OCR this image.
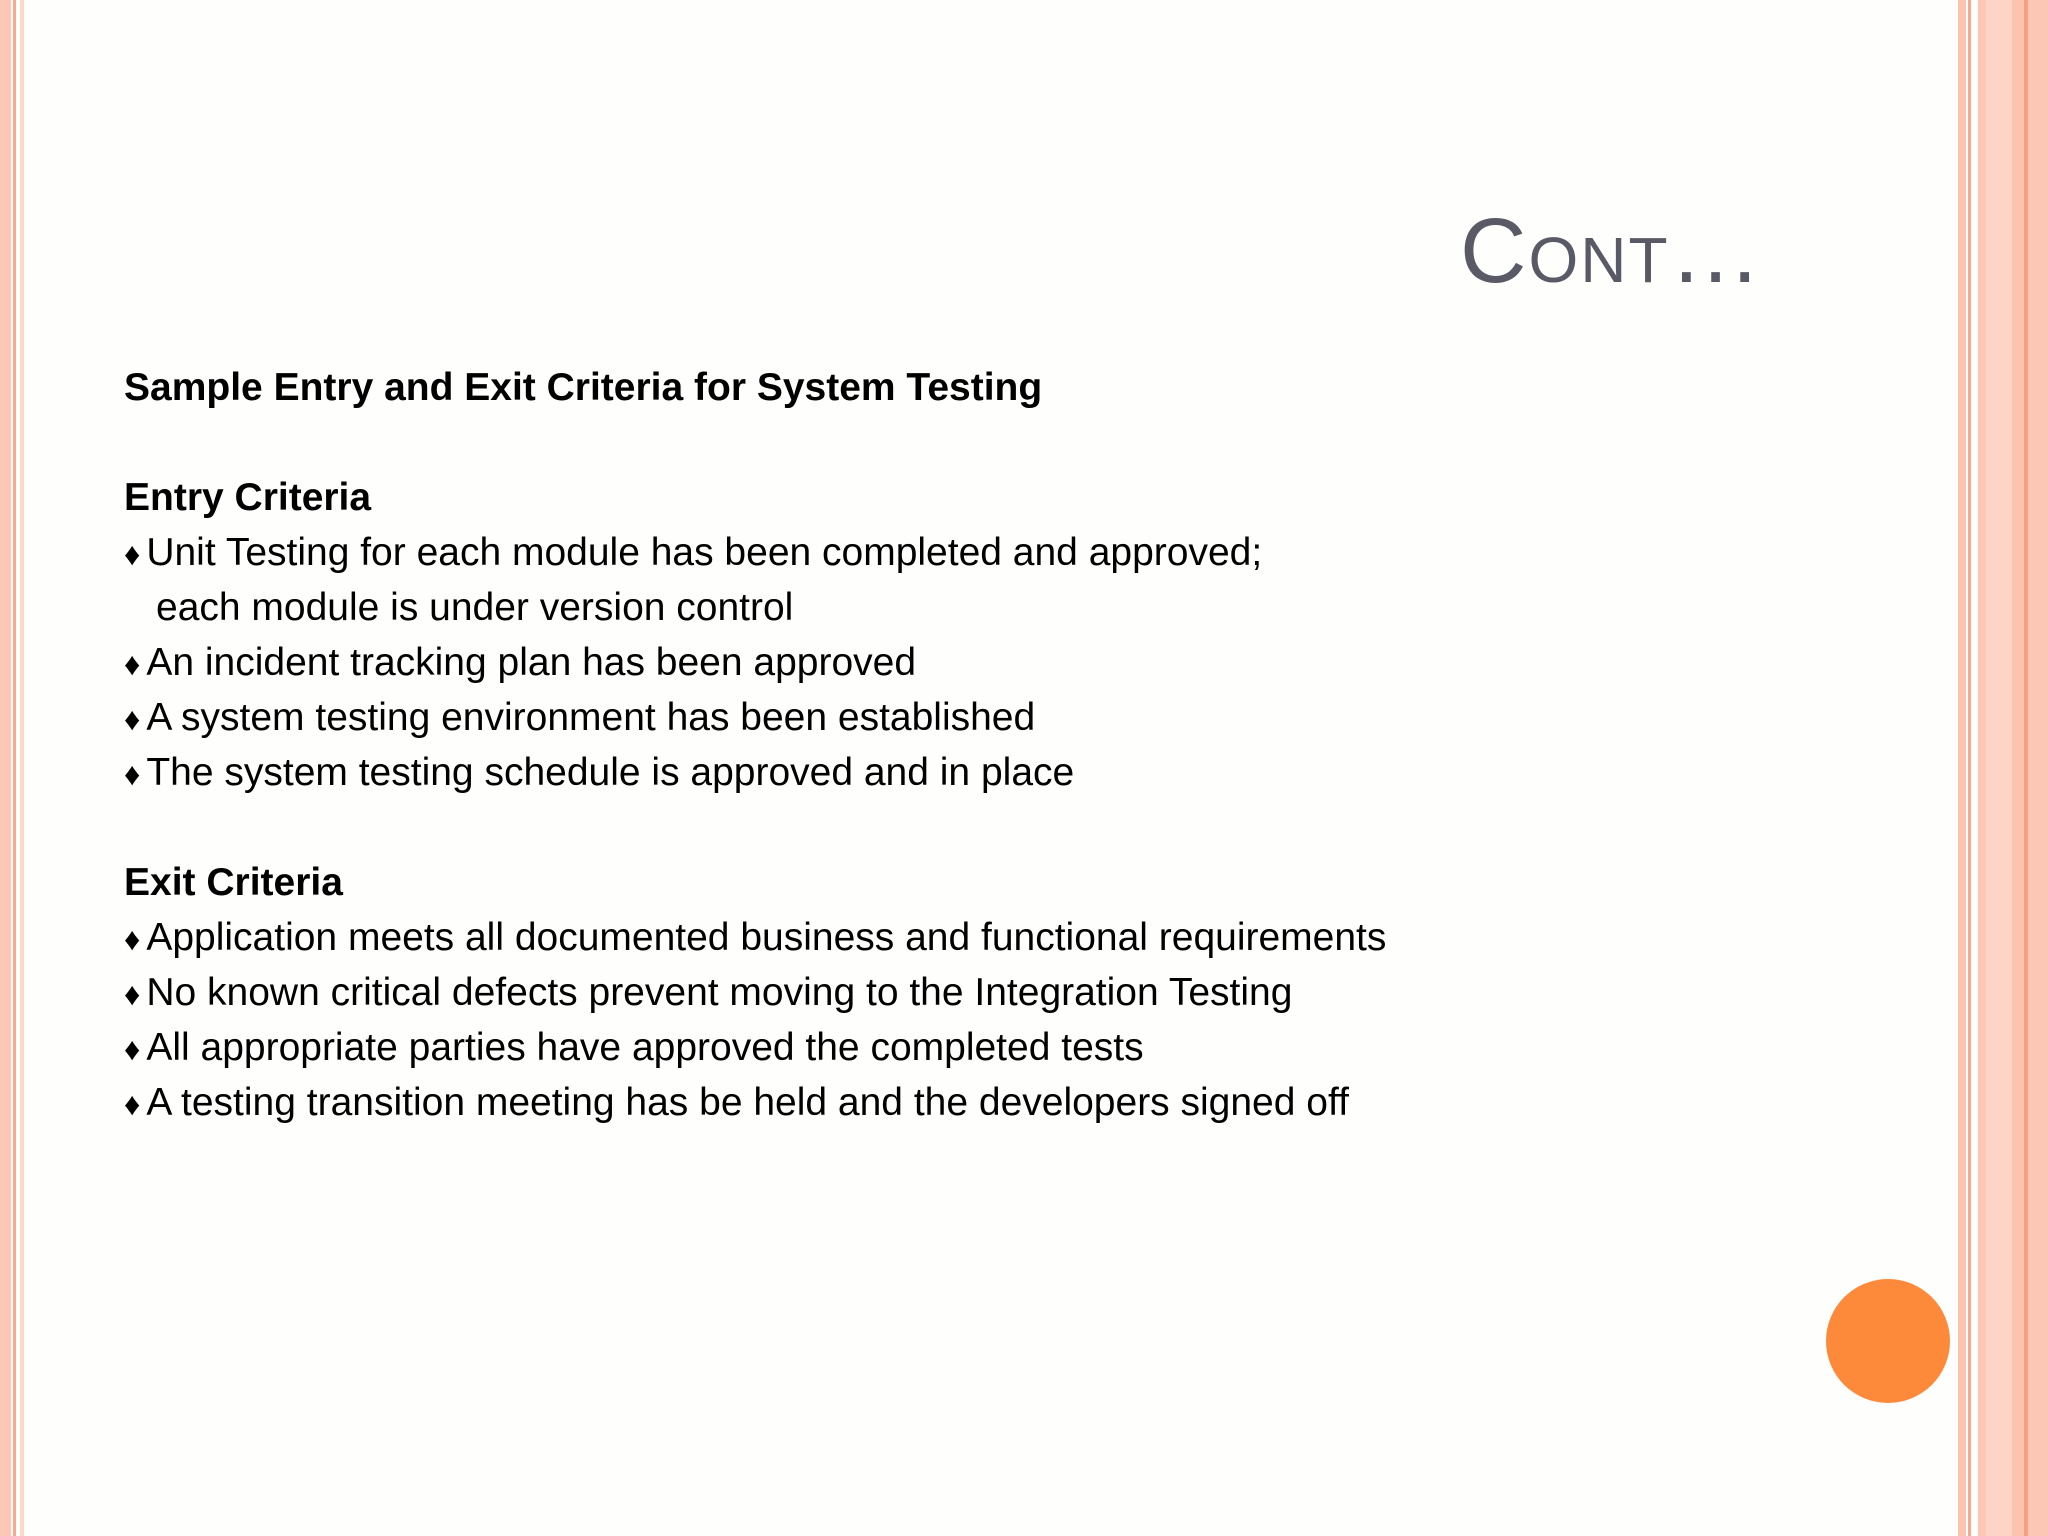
Cont…
Sample Entry and Exit Criteria for System Testing
Entry Criteria
♦ Unit Testing for each module has been completed and approved;
each module is under version control
♦ An incident tracking plan has been approved
♦ A system testing environment has been established
♦ The system testing schedule is approved and in place
Exit Criteria
♦ Application meets all documented business and functional requirements
♦ No known critical defects prevent moving to the Integration Testing
♦ All appropriate parties have approved the completed tests
♦ A testing transition meeting has be held and the developers signed off
